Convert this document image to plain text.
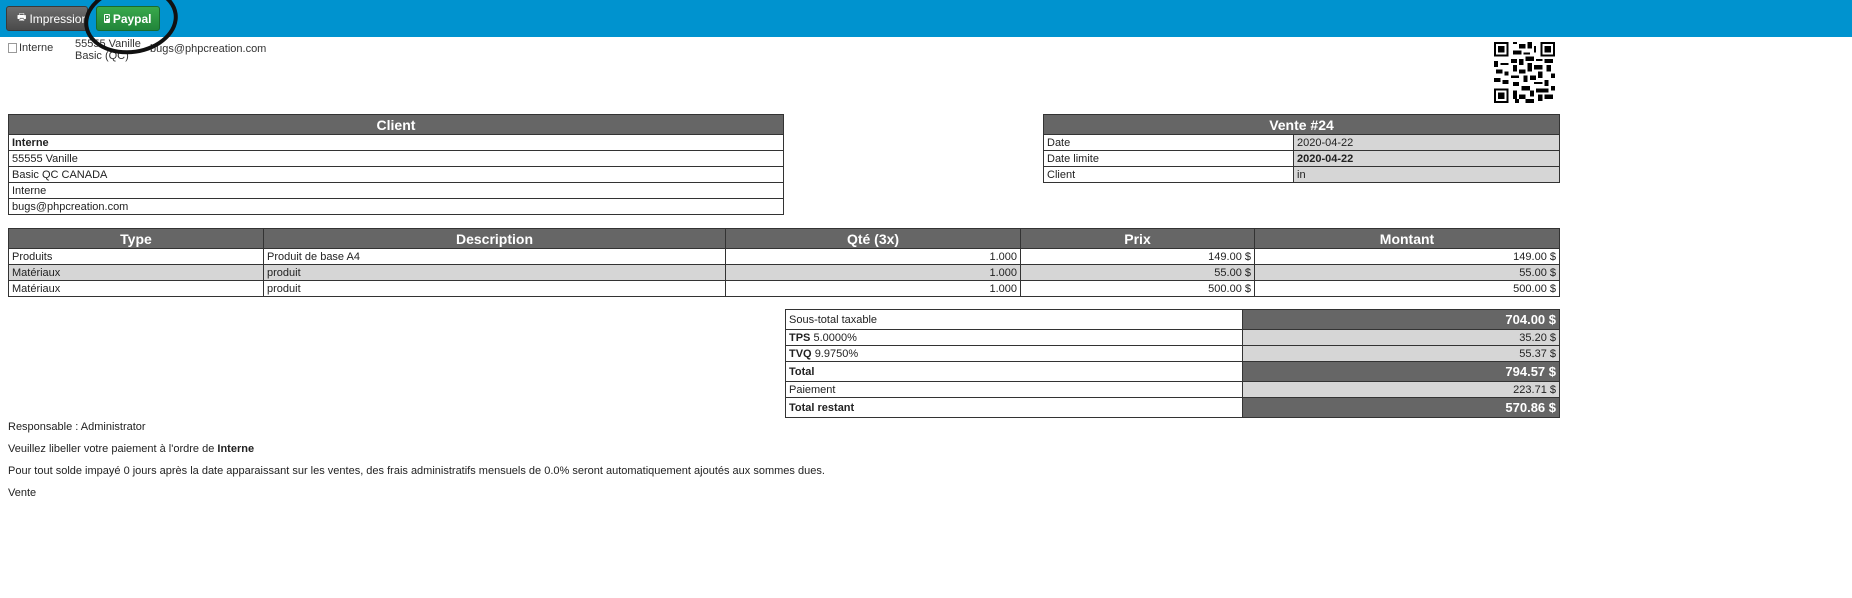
🖶 Impression P Paypal
Interne 55555 Vanille
Basic (QC)
bugs@phpcreation.com
Client
Interne
55555 Vanille
Basic QC CANADA
Interne
bugs@phpcreation.com
Vente #24	
Date	2020-04-22
Date limite	2020-04-22
Client	in
Type	Description	Qté (3x)	Prix	Montant
Produits	Produit de base A4	1.000	149.00 $	149.00 $
Matériaux	produit	1.000	55.00 $	55.00 $
Matériaux	produit	1.000	500.00 $	500.00 $
Sous-total taxable	704.00 $
TPS 5.0000%	35.20 $
TVQ 9.9750%	55.37 $
Total	794.57 $
Paiement	223.71 $
Total restant	570.86 $
Responsable : Administrator
Veuillez libeller votre paiement à l'ordre de Interne
Pour tout solde impayé 0 jours après la date apparaissant sur les ventes, des frais administratifs mensuels de 0.0% seront automatiquement ajoutés aux sommes dues.
Vente
